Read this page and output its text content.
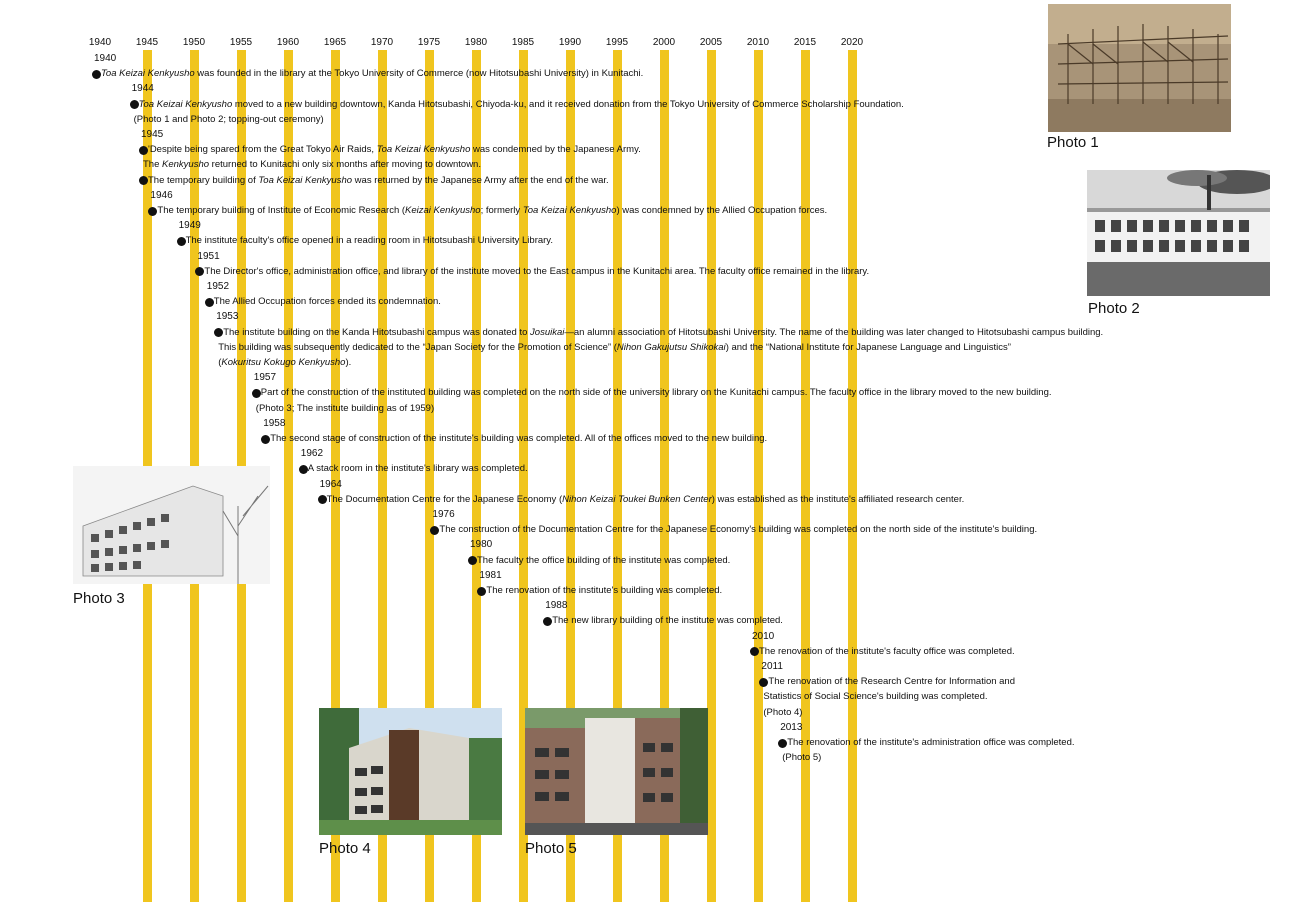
1940 1945 1950 1955 1960 1965 1970 1975 1980 1985 1990 1995 2000 2005 2010 2015 2020
1940
Toa Keizai Kenkyusho was founded in the library at the Tokyo University of Commerce (now Hitotsubashi University) in Kunitachi.
1944
Toa Keizai Kenkyusho moved to a new building downtown, Kanda Hitotsubashi, Chiyoda-ku, and it received donation from the Tokyo University of Commerce Scholarship Foundation.
(Photo 1 and Photo 2; topping-out ceremony)
1945
'Despite being spared from the Great Tokyo Air Raids, Toa Keizai Kenkyusho was condemned by the Japanese Army.
The Kenkyusho returned to Kunitachi only six months after moving to downtown.
The temporary building of Toa Keizai Kenkyusho was returned by the Japanese Army after the end of the war.
1946
The temporary building of Institute of Economic Research (Keizai Kenkyusho; formerly Toa Keizai Kenkyusho) was condemned by the Allied Occupation forces.
1949
The institute faculty's office opened in a reading room in Hitotsubashi University Library.
1951
The Director's office, administration office, and library of the institute moved to the East campus in the Kunitachi area. The faculty office remained in the library.
1952
The Allied Occupation forces ended its condemnation.
1953
The institute building on the Kanda Hitotsubashi campus was donated to Josuikai—an alumni association of Hitotsubashi University. The name of the building was later changed to Hitotsubashi campus building.
This building was subsequently dedicated to the “Japan Society for the Promotion of Science” (Nihon Gakujutsu Shikokai) and the “National Institute for Japanese Language and Linguistics”
(Kokuritsu Kokugo Kenkyusho).
1957
Part of the construction of the instituted building was completed on the north side of the university library on the Kunitachi campus. The faculty office in the library moved to the new building.
(Photo 3; The institute building as of 1959)
1958
The second stage of construction of the institute's building was completed. All of the offices moved to the new building.
1962
A stack room in the institute's library was completed.
1964
The Documentation Centre for the Japanese Economy (Nihon Keizai Toukei Bunken Center) was established as the institute's affiliated research center.
1976
The construction of the Documentation Centre for the Japanese Economy's building was completed on the north side of the institute's building.
1980
The faculty the office building of the institute was completed.
1981
The renovation of the institute's building was completed.
1988
The new library building of the institute was completed.
2010
The renovation of the institute's faculty office was completed.
2011
The renovation of the Research Centre for Information and
Statistics of Social Science's building was completed.
(Photo 4)
2013
The renovation of the institute's administration office was completed.
(Photo 5)
Photo 1
Photo 2
Photo 3
Photo 4	Photo 5
